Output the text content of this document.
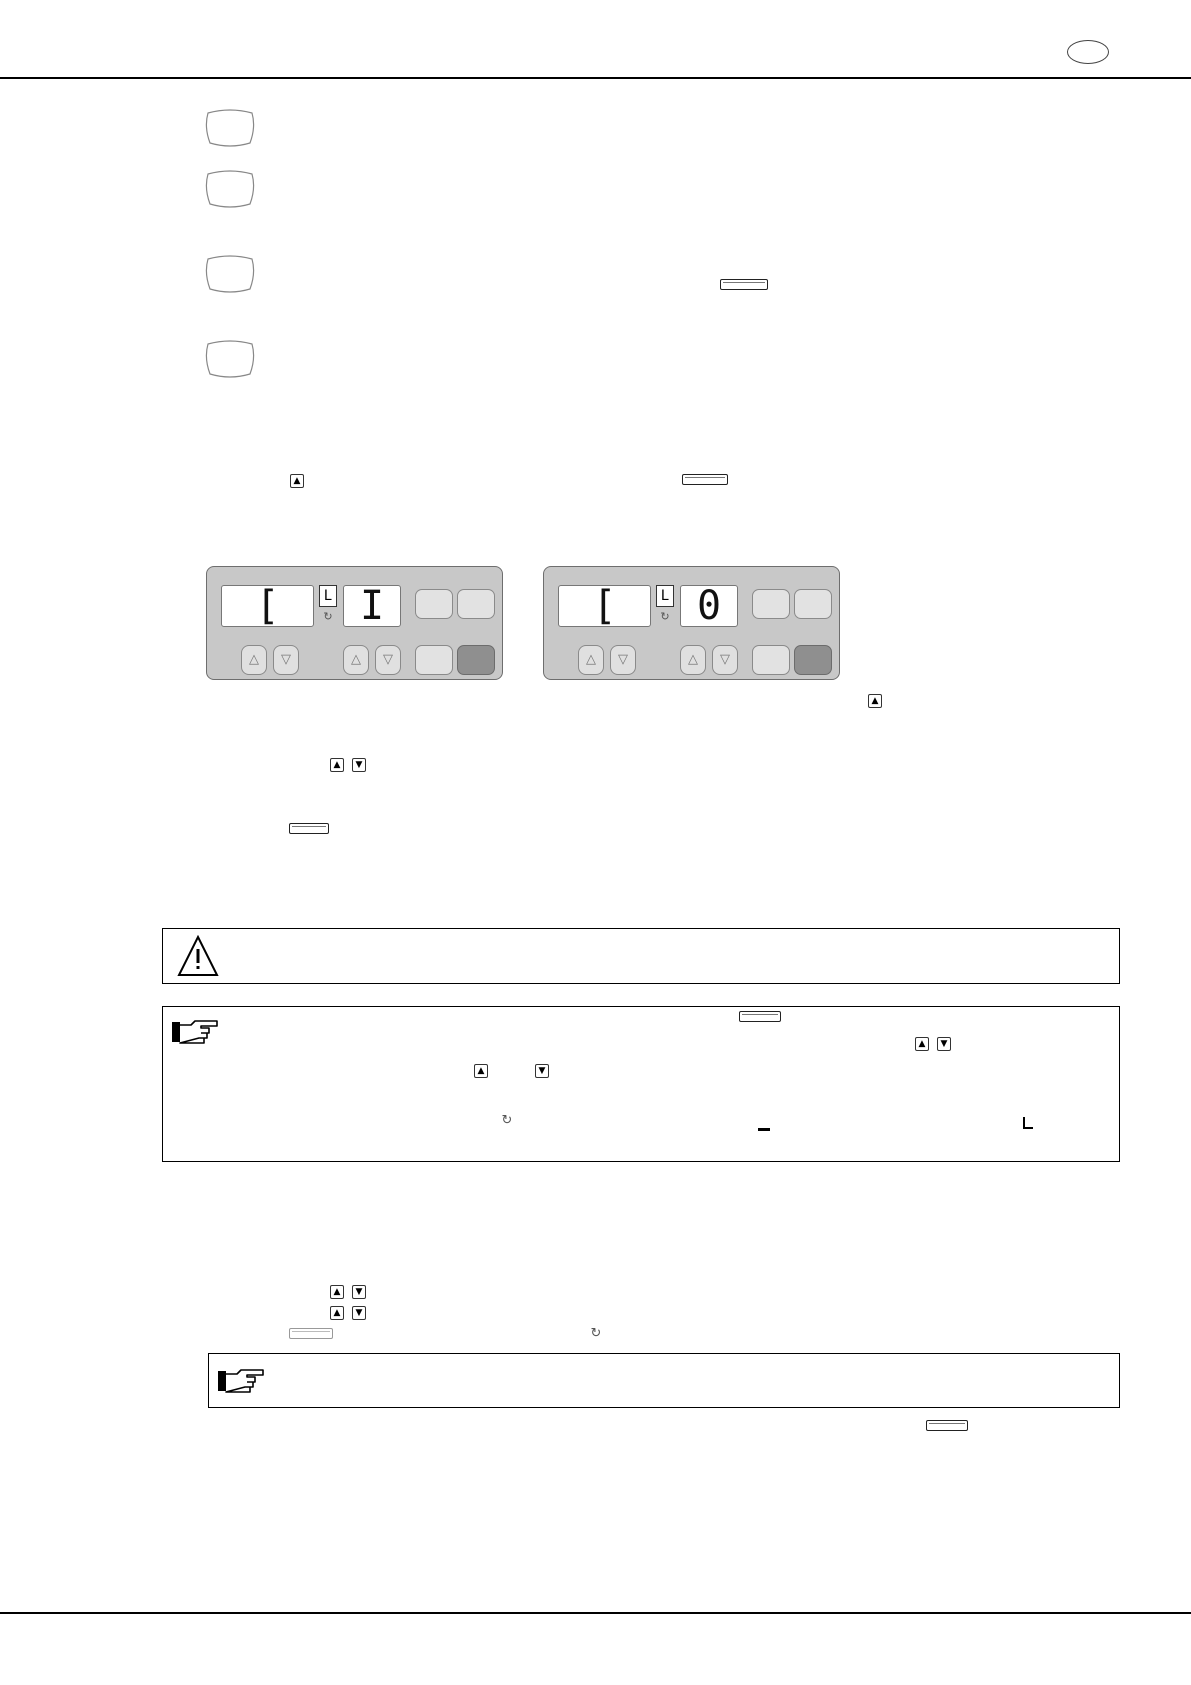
▲
[	L
↻ I
△	▽	△	▽
[	L
↻ 0
△	▽	△	▽
▲
▲	▼
▲	▼
▲	▼
↻
▲	▼
▲	▼
↻
